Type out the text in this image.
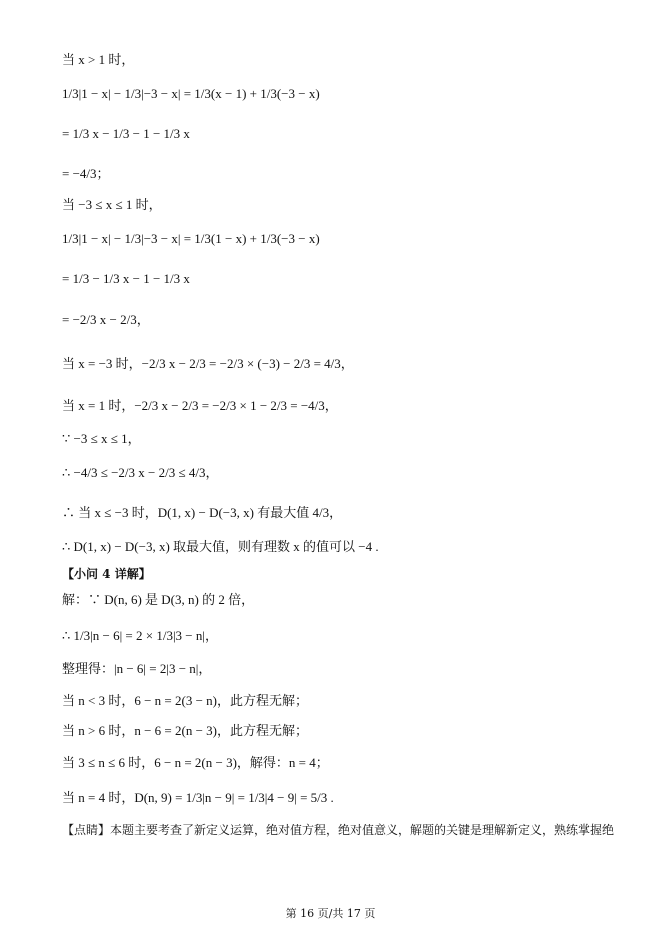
当 x > 1 时，
1/3|1 − x| − 1/3|−3 − x| = 1/3(x − 1) + 1/3(−3 − x)
= 1/3 x − 1/3 − 1 − 1/3 x
= −4/3；
当 −3 ≤ x ≤ 1 时，
1/3|1 − x| − 1/3|−3 − x| = 1/3(1 − x) + 1/3(−3 − x)
= 1/3 − 1/3 x − 1 − 1/3 x
= −2/3 x − 2/3，
当 x = −3 时，−2/3 x − 2/3 = −2/3 × (−3) − 2/3 = 4/3，
当 x = 1 时，−2/3 x − 2/3 = −2/3 × 1 − 2/3 = −4/3，
∵ −3 ≤ x ≤ 1，
∴ −4/3 ≤ −2/3 x − 2/3 ≤ 4/3，
∴ 当 x ≤ −3 时，D(1, x) − D(−3, x) 有最大值 4/3，
∴ D(1, x) − D(−3, x) 取最大值，则有理数 x 的值可以 −4 .
【小问 4 详解】
解：∵ D(n, 6) 是 D(3, n) 的 2 倍，
∴ 1/3|n − 6| = 2 × 1/3|3 − n|，
整理得：|n − 6| = 2|3 − n|，
当 n < 3 时，6 − n = 2(3 − n)，此方程无解；
当 n > 6 时，n − 6 = 2(n − 3)，此方程无解；
当 3 ≤ n ≤ 6 时，6 − n = 2(n − 3)，解得：n = 4；
当 n = 4 时，D(n, 9) = 1/3|n − 9| = 1/3|4 − 9| = 5/3 .
【点睛】本题主要考查了新定义运算，绝对值方程，绝对值意义，解题的关键是理解新定义，熟练掌握绝
第 16 页/共 17 页
